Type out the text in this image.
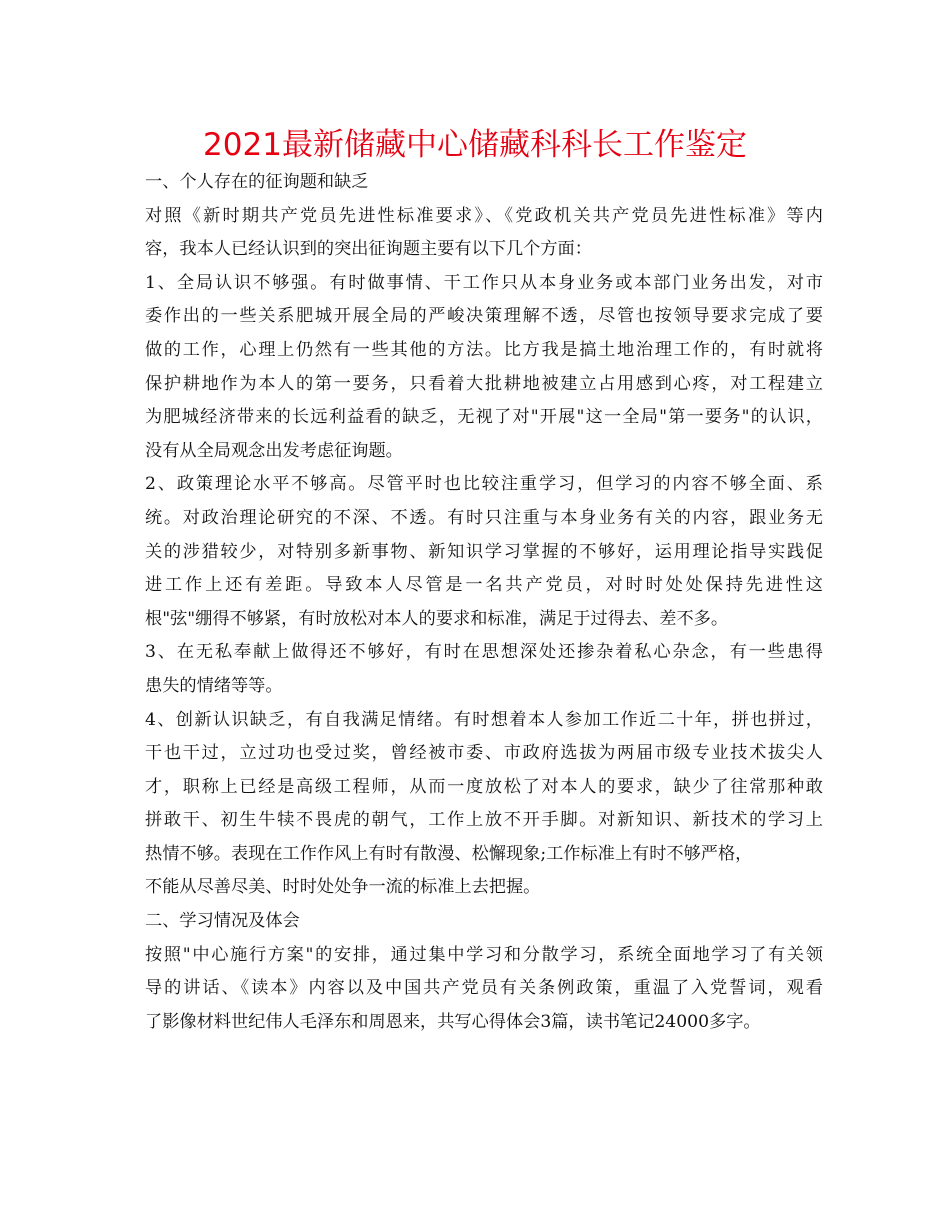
2021最新储藏中心储藏科科长工作鉴定
一、个人存在的征询题和缺乏
对照《新时期共产党员先进性标准要求》、《党政机关共产党员先进性标准》等内
容，我本人已经认识到的突出征询题主要有以下几个方面：
1、全局认识不够强。有时做事情、干工作只从本身业务或本部门业务出发，对市
委作出的一些关系肥城开展全局的严峻决策理解不透，尽管也按领导要求完成了要
做的工作，心理上仍然有一些其他的方法。比方我是搞土地治理工作的，有时就将
保护耕地作为本人的第一要务，只看着大批耕地被建立占用感到心疼，对工程建立
为肥城经济带来的长远利益看的缺乏，无视了对"开展"这一全局"第一要务"的认识，
没有从全局观念出发考虑征询题。
2、政策理论水平不够高。尽管平时也比较注重学习，但学习的内容不够全面、系
统。对政治理论研究的不深、不透。有时只注重与本身业务有关的内容，跟业务无
关的涉猎较少，对特别多新事物、新知识学习掌握的不够好，运用理论指导实践促
进工作上还有差距。导致本人尽管是一名共产党员，对时时处处保持先进性这
根"弦"绷得不够紧，有时放松对本人的要求和标准，满足于过得去、差不多。
3、在无私奉献上做得还不够好，有时在思想深处还掺杂着私心杂念，有一些患得
患失的情绪等等。
4、创新认识缺乏，有自我满足情绪。有时想着本人参加工作近二十年，拼也拼过，
干也干过，立过功也受过奖，曾经被市委、市政府选拔为两届市级专业技术拔尖人
才，职称上已经是高级工程师，从而一度放松了对本人的要求，缺少了往常那种敢
拼敢干、初生牛犊不畏虎的朝气，工作上放不开手脚。对新知识、新技术的学习上
热情不够。表现在工作作风上有时有散漫、松懈现象;工作标准上有时不够严格，
不能从尽善尽美、时时处处争一流的标准上去把握。
二、学习情况及体会
按照"中心施行方案"的安排，通过集中学习和分散学习，系统全面地学习了有关领
导的讲话、《读本》内容以及中国共产党员有关条例政策，重温了入党誓词，观看
了影像材料世纪伟人毛泽东和周恩来，共写心得体会3篇，读书笔记24000多字。
